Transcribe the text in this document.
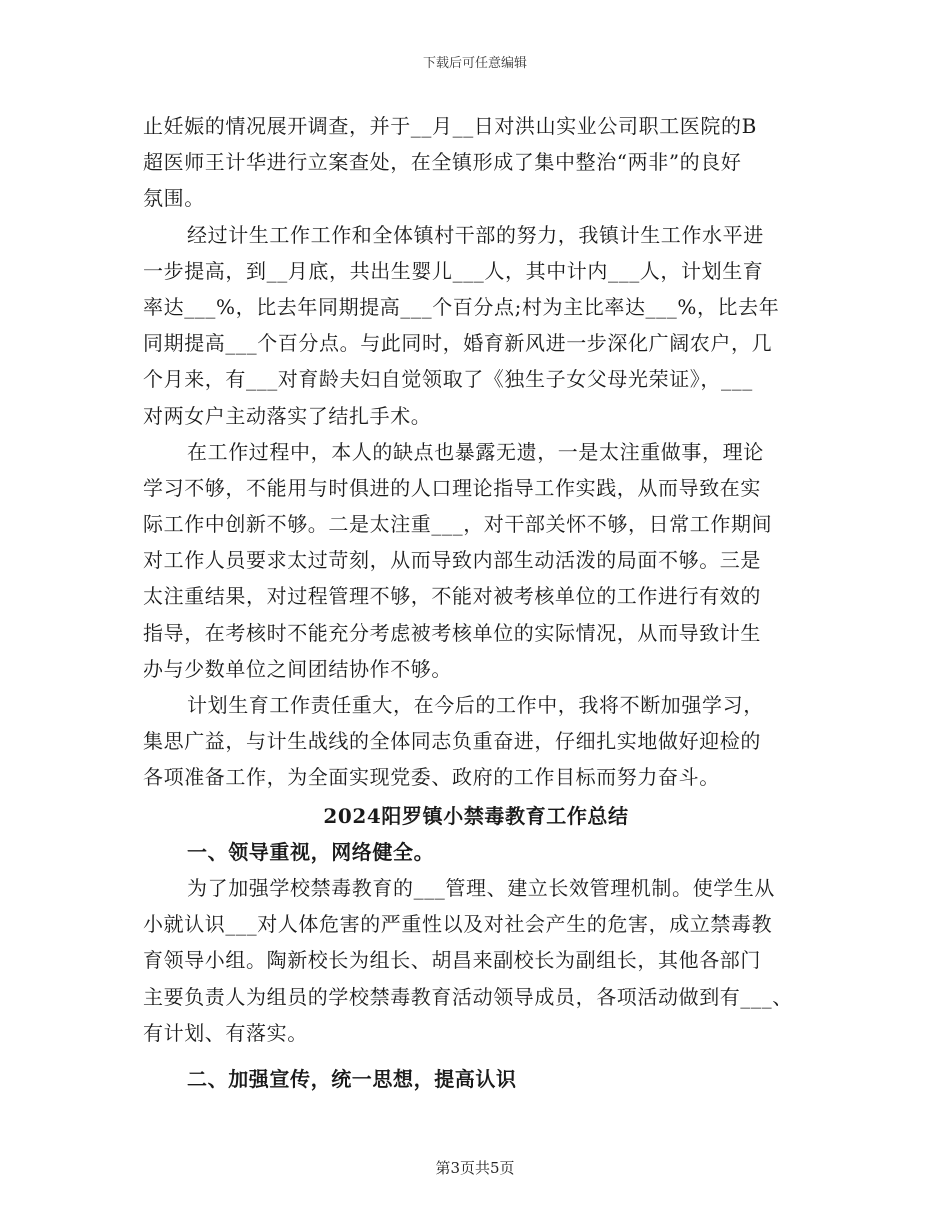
下载后可任意编辑
止妊娠的情况展开调查，并于__月__日对洪山实业公司职工医院的B
超医师王计华进行立案查处，在全镇形成了集中整治“两非”的良好
氛围。
经过计生工作工作和全体镇村干部的努力，我镇计生工作水平进
一步提高，到__月底，共出生婴儿___人，其中计内___人，计划生育
率达___%，比去年同期提高___个百分点;村为主比率达___%，比去年
同期提高___个百分点。与此同时，婚育新风进一步深化广阔农户，几
个月来，有___对育龄夫妇自觉领取了《独生子女父母光荣证》，___
对两女户主动落实了结扎手术。
在工作过程中，本人的缺点也暴露无遗，一是太注重做事，理论
学习不够，不能用与时俱进的人口理论指导工作实践，从而导致在实
际工作中创新不够。二是太注重___，对干部关怀不够，日常工作期间
对工作人员要求太过苛刻，从而导致内部生动活泼的局面不够。三是
太注重结果，对过程管理不够，不能对被考核单位的工作进行有效的
指导，在考核时不能充分考虑被考核单位的实际情况，从而导致计生
办与少数单位之间团结协作不够。
计划生育工作责任重大，在今后的工作中，我将不断加强学习，
集思广益，与计生战线的全体同志负重奋进，仔细扎实地做好迎检的
各项准备工作，为全面实现党委、政府的工作目标而努力奋斗。
2024阳罗镇小禁毒教育工作总结
一、领导重视，网络健全。
为了加强学校禁毒教育的___管理、建立长效管理机制。使学生从
小就认识___对人体危害的严重性以及对社会产生的危害，成立禁毒教
育领导小组。陶新校长为组长、胡昌来副校长为副组长，其他各部门
主要负责人为组员的学校禁毒教育活动领导成员，各项活动做到有___、
有计划、有落实。
二、加强宣传，统一思想，提高认识
第3页共5页
